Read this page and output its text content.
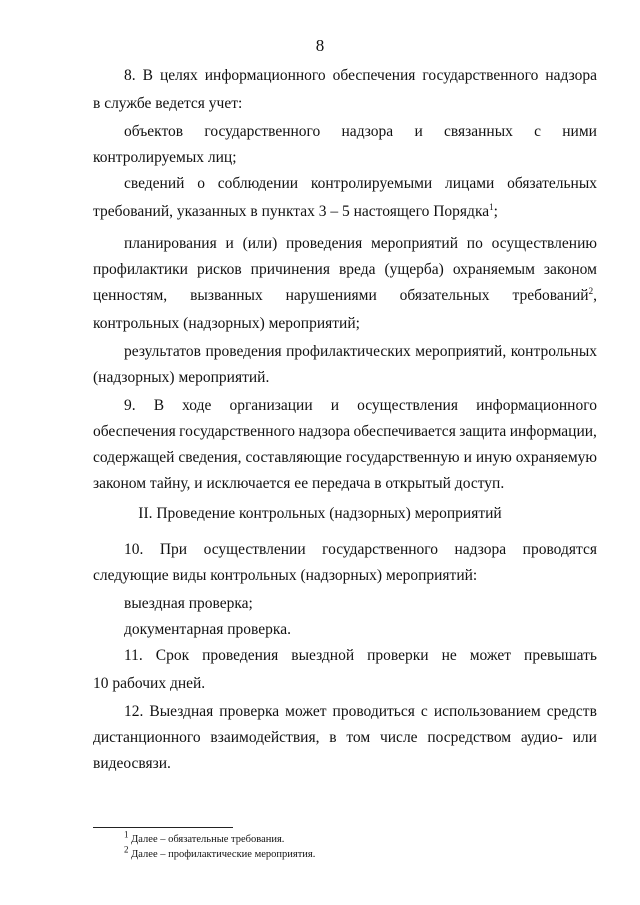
8
8. В целях информационного обеспечения государственного надзора
в службе ведется учет:
объектов государственного надзора и связанных с ними
контролируемых лиц;
сведений о соблюдении контролируемыми лицами обязательных
требований, указанных в пунктах 3 – 5 настоящего Порядка$^1$;
планирования и (или) проведения мероприятий по осуществлению
профилактики рисков причинения вреда (ущерба) охраняемым законом
ценностям, вызванных нарушениями обязательных требований$^2$,
контрольных (надзорных) мероприятий;
результатов проведения профилактических мероприятий, контрольных
(надзорных) мероприятий.
9. В ходе организации и осуществления информационного
обеспечения государственного надзора обеспечивается защита информации,
содержащей сведения, составляющие государственную и иную охраняемую
законом тайну, и исключается ее передача в открытый доступ.
II. Проведение контрольных (надзорных) мероприятий
10. При осуществлении государственного надзора проводятся
следующие виды контрольных (надзорных) мероприятий:
выездная проверка;
документарная проверка.
11. Срок проведения выездной проверки не может превышать
10 рабочих дней.
12. Выездная проверка может проводиться с использованием средств
дистанционного взаимодействия, в том числе посредством аудио- или
видеосвязи.
$^1$ Далее – обязательные требования.
$^2$ Далее – профилактические мероприятия.
